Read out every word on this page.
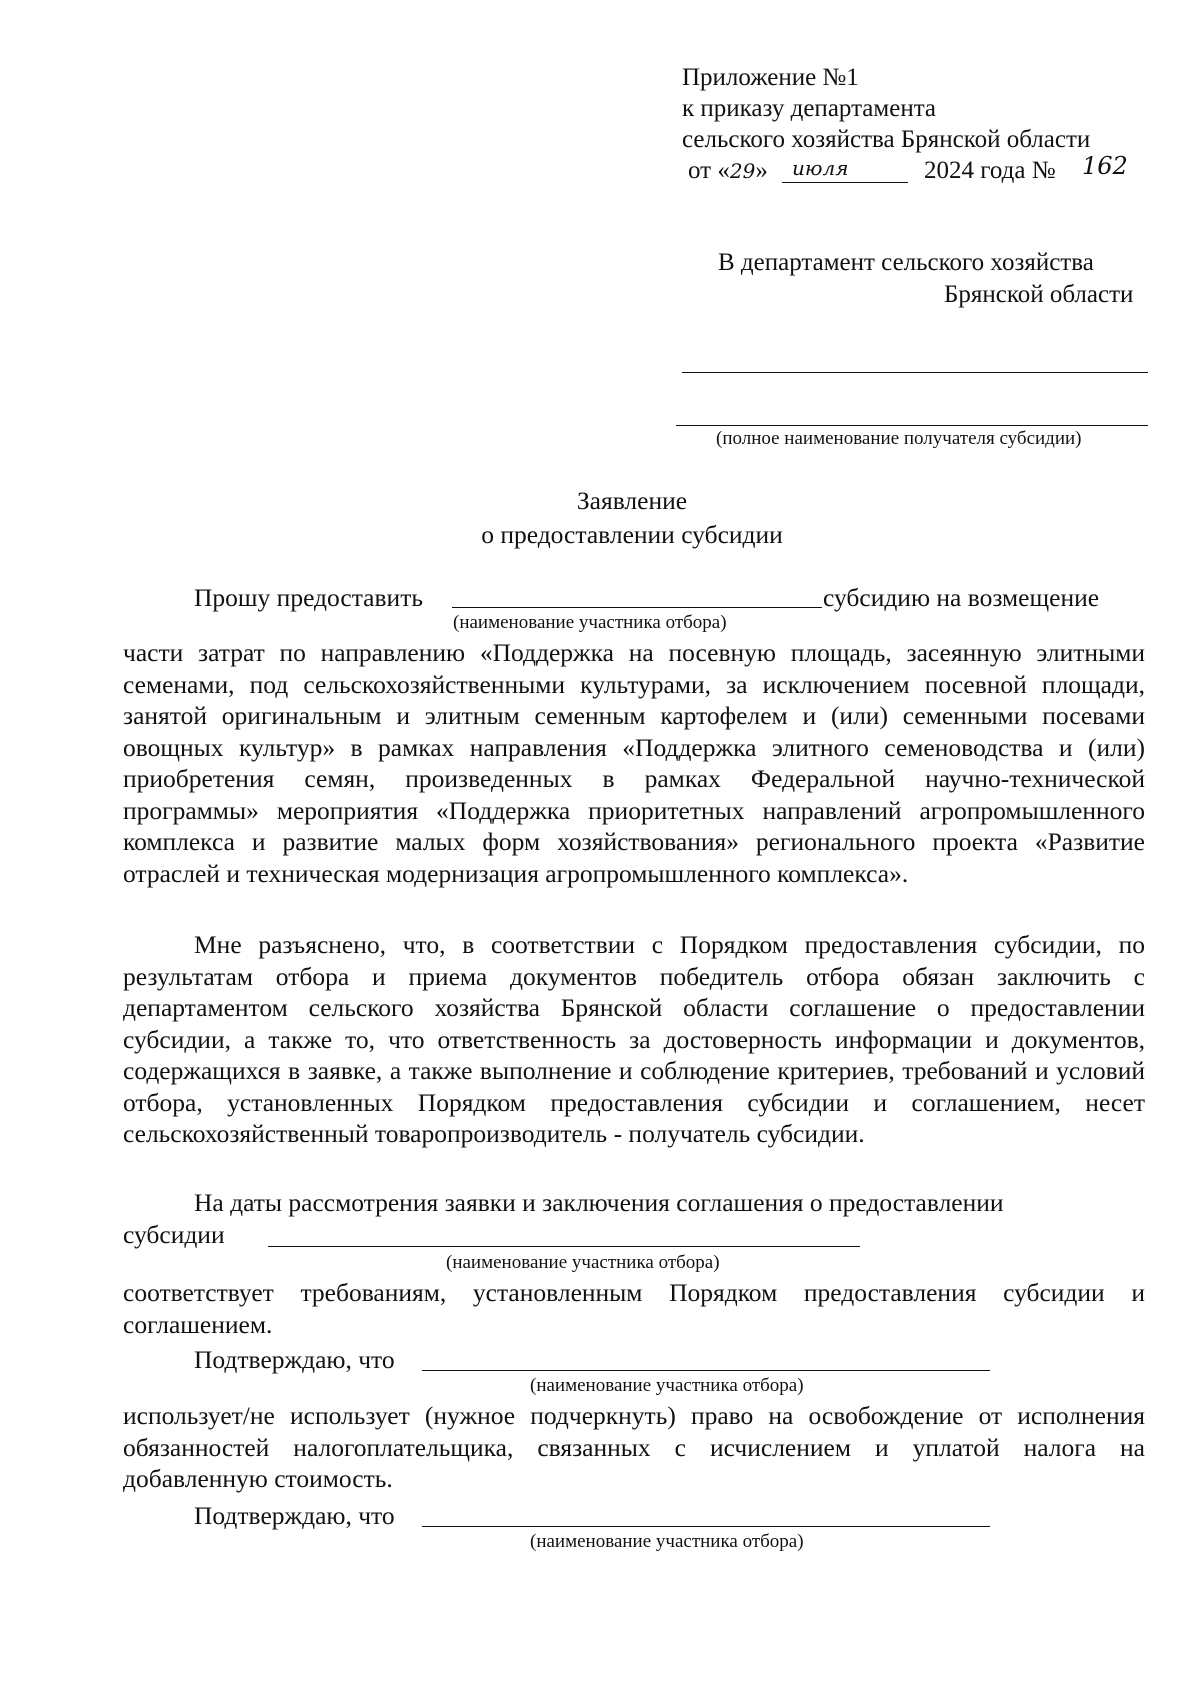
Приложение №1
к приказу департамента
сельского хозяйства Брянской области
от «29» июля	2024 года № 162
В департамент сельского хозяйства
Брянской области
(полное наименование получателя субсидии)
Заявление
о предоставлении субсидии
Прошу предоставить	субсидию на возмещение
(наименование участника отбора)
части затрат по направлению «Поддержка на посевную площадь, засеянную элитными семенами, под сельскохозяйственными культурами, за исключением посевной площади, занятой оригинальным и элитным семенным картофелем и (или) семенными посевами овощных культур» в рамках направления «Поддержка элитного семеноводства и (или) приобретения семян, произведенных в рамках Федеральной научно-технической программы» мероприятия «Поддержка приоритетных направлений агропромышленного комплекса и развитие малых форм хозяйствования» регионального проекта «Развитие отраслей и техническая модернизация агропромышленного комплекса».
Мне разъяснено, что, в соответствии с Порядком предоставления субсидии, по результатам отбора и приема документов победитель отбора обязан заключить с департаментом сельского хозяйства Брянской области соглашение о предоставлении субсидии, а также то, что ответственность за достоверность информации и документов, содержащихся в заявке, а также выполнение и соблюдение критериев, требований и условий отбора, установленных Порядком предоставления субсидии и соглашением, несет сельскохозяйственный товаропроизводитель - получатель субсидии.
На даты рассмотрения заявки и заключения соглашения о предоставлении
субсидии
(наименование участника отбора)
соответствует требованиям, установленным Порядком предоставления субсидии и соглашением.
Подтверждаю, что
(наименование участника отбора)
использует/не использует (нужное подчеркнуть) право на освобождение от исполнения обязанностей налогоплательщика, связанных с исчислением и уплатой налога на добавленную стоимость.
Подтверждаю, что
(наименование участника отбора)
